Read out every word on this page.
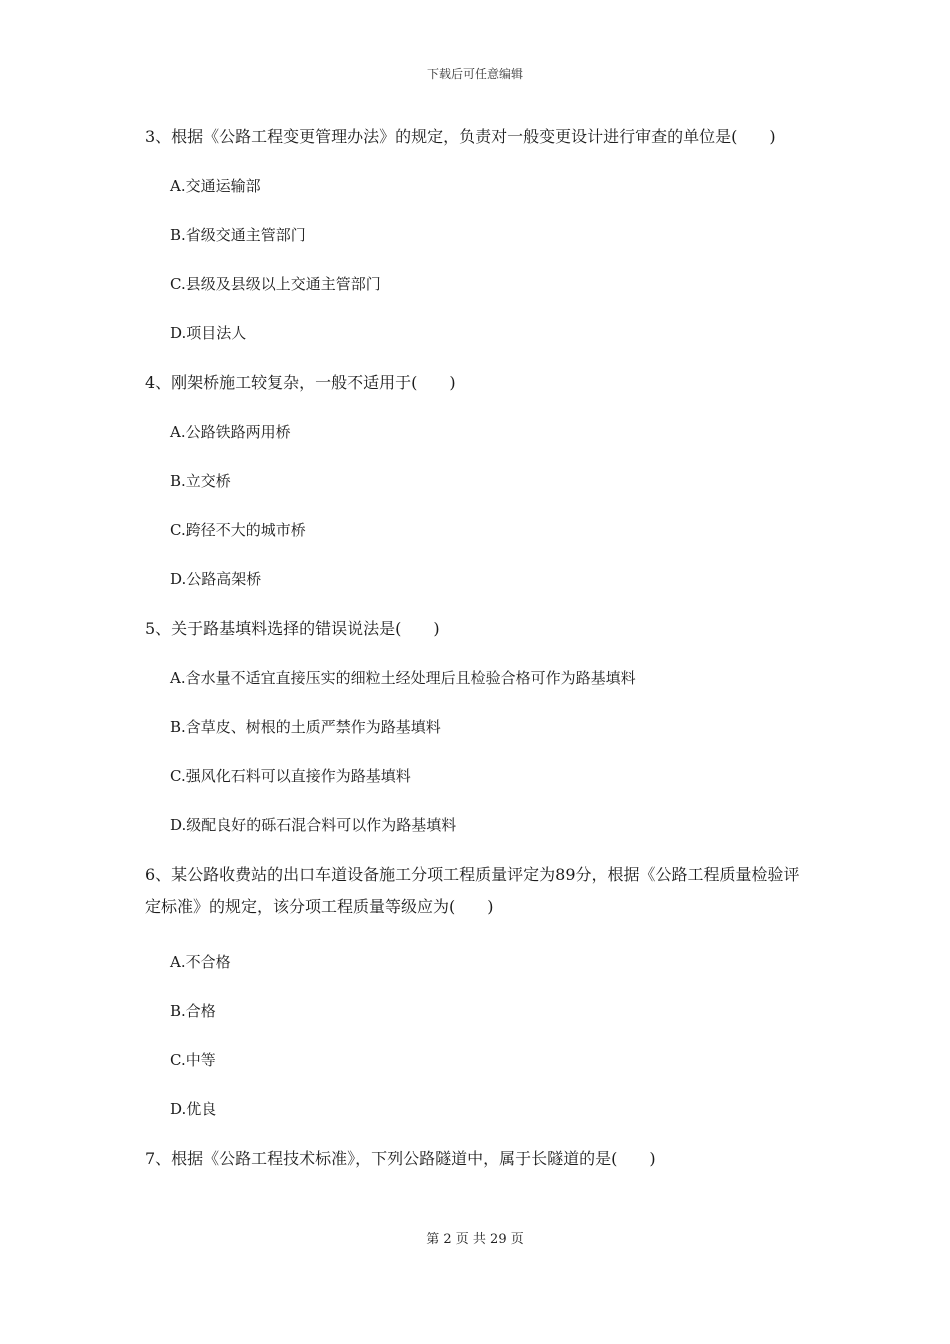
下载后可任意编辑

3、根据《公路工程变更管理办法》的规定，负责对一般变更设计进行审查的单位是(　　)

A.交通运输部

B.省级交通主管部门

C.县级及县级以上交通主管部门

D.项目法人

4、刚架桥施工较复杂，一般不适用于(　　)

A.公路铁路两用桥

B.立交桥

C.跨径不大的城市桥

D.公路高架桥

5、关于路基填料选择的错误说法是(　　)

A.含水量不适宜直接压实的细粒土经处理后且检验合格可作为路基填料

B.含草皮、树根的土质严禁作为路基填料

C.强风化石料可以直接作为路基填料

D.级配良好的砾石混合料可以作为路基填料

6、某公路收费站的出口车道设备施工分项工程质量评定为89分，根据《公路工程质量检验评定标准》的规定，该分项工程质量等级应为(　　)

A.不合格

B.合格

C.中等

D.优良

7、根据《公路工程技术标准》，下列公路隧道中，属于长隧道的是(　　)

第 2 页 共 29 页
